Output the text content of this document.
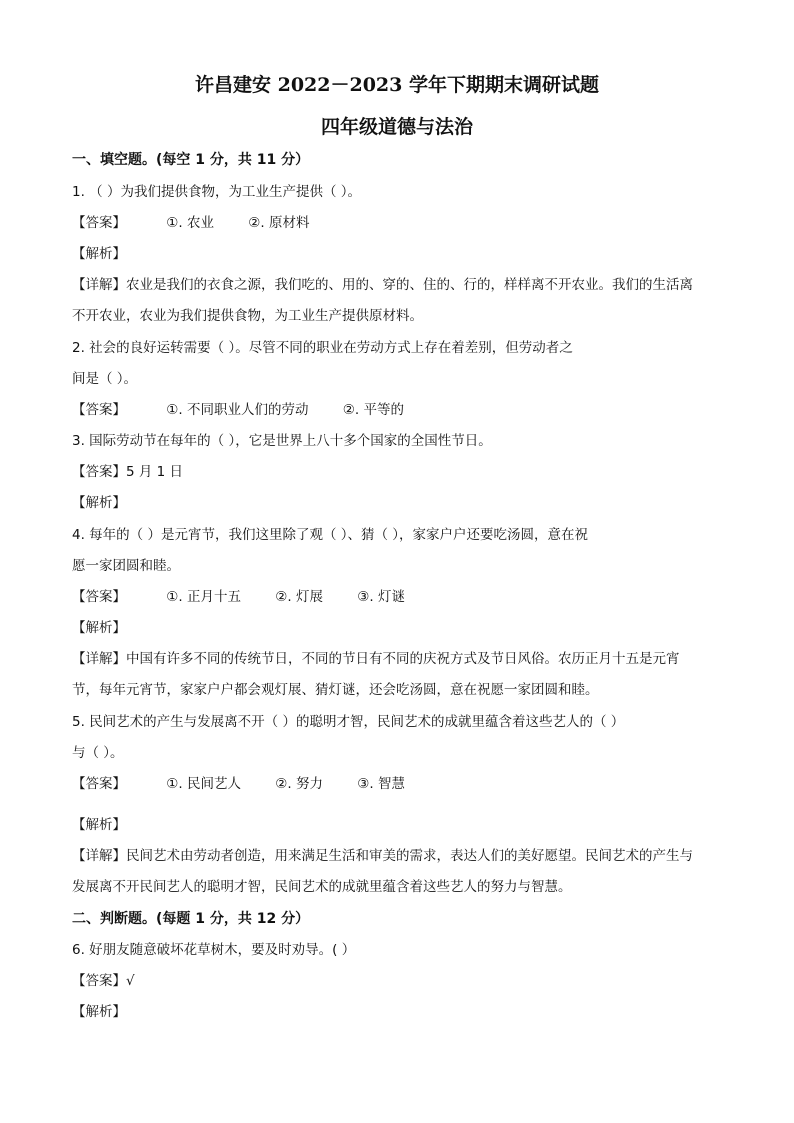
许昌建安 2022－2023 学年下期期末调研试题
四年级道德与法治
一、填空题。(每空 1 分，共 11 分）
1. （ ）为我们提供食物，为工业生产提供（ ）。
【答案】	①. 农业	②. 原材料
【解析】
【详解】农业是我们的衣食之源，我们吃的、用的、穿的、住的、行的，样样离不开农业。我们的生活离
不开农业，农业为我们提供食物，为工业生产提供原材料。
2. 社会的良好运转需要（ ）。尽管不同的职业在劳动方式上存在着差别，但劳动者之
间是（ ）。
【答案】	①. 不同职业人们的劳动	②. 平等的
3. 国际劳动节在每年的（ ），它是世界上八十多个国家的全国性节日。
【答案】5 月 1 日
【解析】
4. 每年的（ ）是元宵节，我们这里除了观（ ）、猜（ ），家家户户还要吃汤圆，意在祝
愿一家团圆和睦。
【答案】	①. 正月十五	②. 灯展	③. 灯谜
【解析】
【详解】中国有许多不同的传统节日，不同的节日有不同的庆祝方式及节日风俗。农历正月十五是元宵
节，每年元宵节，家家户户都会观灯展、猜灯谜，还会吃汤圆，意在祝愿一家团圆和睦。
5. 民间艺术的产生与发展离不开（ ）的聪明才智，民间艺术的成就里蕴含着这些艺人的（ ）
与（ ）。
【答案】	①. 民间艺人	②. 努力	③. 智慧
【解析】
【详解】民间艺术由劳动者创造，用来满足生活和审美的需求，表达人们的美好愿望。民间艺术的产生与
发展离不开民间艺人的聪明才智，民间艺术的成就里蕴含着这些艺人的努力与智慧。
二、判断题。(每题 1 分，共 12 分）
6. 好朋友随意破坏花草树木，要及时劝导。( ）
【答案】√
【解析】
